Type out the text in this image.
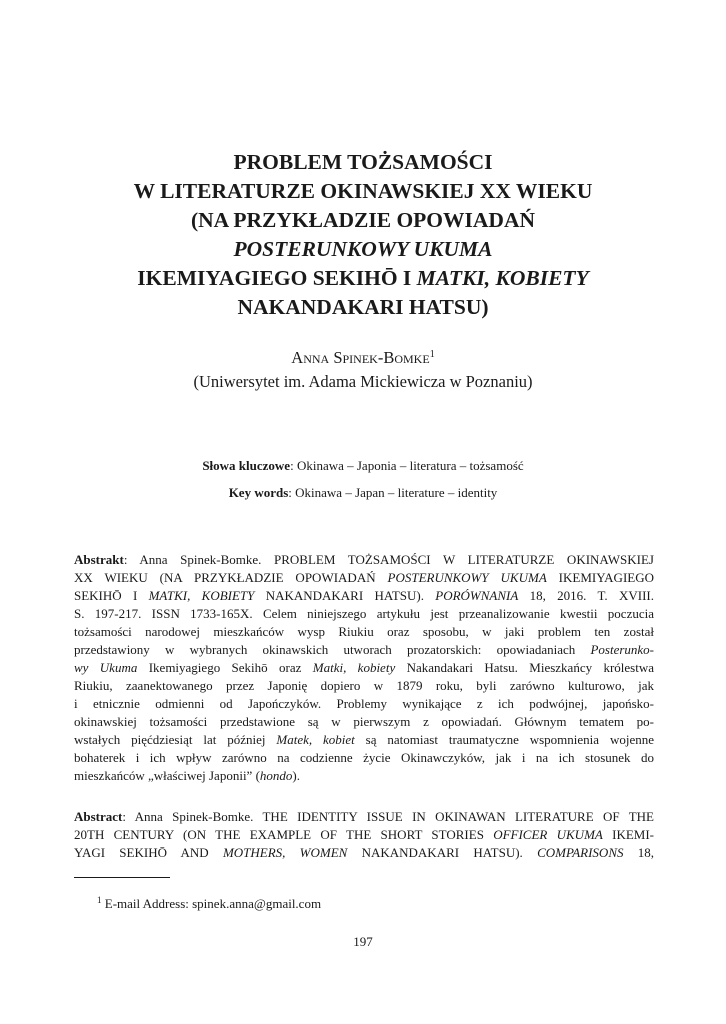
PROBLEM TOŻSAMOŚCI
W LITERATURZE OKINAWSKIEJ XX WIEKU
(NA PRZYKŁADZIE OPOWIADAŃ
POSTERUNKOWY UKUMA
IKEMIYAGIEGO SEKIHŌ I MATKI, KOBIETY
NAKANDAKARI HATSU)
Anna Spinek-Bomke$^1$
(Uniwersytet im. Adama Mickiewicza w Poznaniu)
Słowa kluczowe: Okinawa – Japonia – literatura – tożsamość
Key words: Okinawa – Japan – literature – identity
Abstrakt: Anna Spinek-Bomke. PROBLEM TOŻSAMOŚCI W LITERATURZE OKINAWSKIEJ
XX WIEKU (NA PRZYKŁADZIE OPOWIADAŃ POSTERUNKOWY UKUMA IKEMIYAGIEGO
SEKIHŌ I MATKI, KOBIETY NAKANDAKARI HATSU). PORÓWNANIA 18, 2016. T. XVIII.
S. 197-217. ISSN 1733-165X. Celem niniejszego artykułu jest przeanalizowanie kwestii poczucia
tożsamości narodowej mieszkańców wysp Riukiu oraz sposobu, w jaki problem ten został
przedstawiony w wybranych okinawskich utworach prozatorskich: opowiadaniach Posterunko-
wy Ukuma Ikemiyagiego Sekihō oraz Matki, kobiety Nakandakari Hatsu. Mieszkańcy królestwa
Riukiu, zaanektowanego przez Japonię dopiero w 1879 roku, byli zarówno kulturowo, jak
i etnicznie odmienni od Japończyków. Problemy wynikające z ich podwójnej, japońsko-
okinawskiej tożsamości przedstawione są w pierwszym z opowiadań. Głównym tematem po-
wstałych pięćdziesiąt lat później Matek, kobiet są natomiast traumatyczne wspomnienia wojenne
bohaterek i ich wpływ zarówno na codzienne życie Okinawczyków, jak i na ich stosunek do
mieszkańców „właściwej Japonii” (hondo).
Abstract: Anna Spinek-Bomke. THE IDENTITY ISSUE IN OKINAWAN LITERATURE OF THE
20TH CENTURY (ON THE EXAMPLE OF THE SHORT STORIES OFFICER UKUMA IKEMI-
YAGI SEKIHŌ AND MOTHERS, WOMEN NAKANDAKARI HATSU). COMPARISONS 18,
$^1$ E-mail Address: spinek.anna@gmail.com
197
